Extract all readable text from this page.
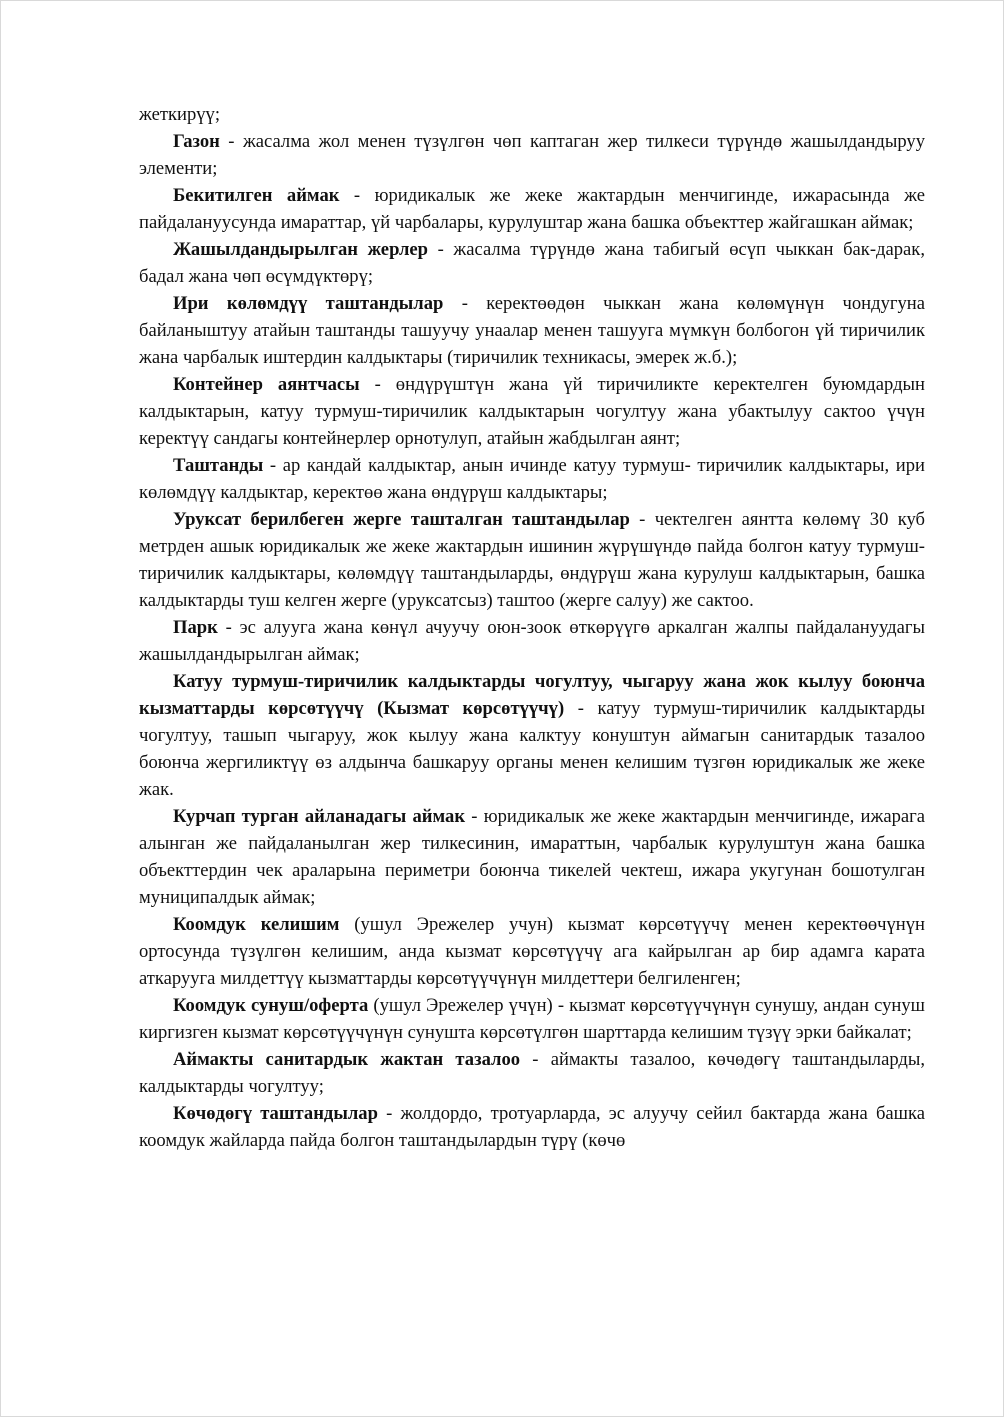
жеткирүү;

Газон - жасалма жол менен түзүлгөн чөп каптаган жер тилкеси түрүндө жашылдандыруу элементи;

Бекитилген аймак - юридикалык же жеке жактардын менчигинде, ижарасында же пайдалануусунда имараттар, үй чарбалары, курулуштар жана башка объекттер жайгашкан аймак;

Жашылдандырылган жерлер - жасалма түрүндө жана табигый өсүп чыккан бак-дарак, бадал жана чөп өсүмдүктөрү;

Ири көлөмдүү таштандылар - керектөөдөн чыккан жана көлөмүнүн чондугуна байланыштуу атайын таштанды ташуучу унаалар менен ташууга мүмкүн болбогон үй тиричилик жана чарбалык иштердин калдыктары (тиричилик техникасы, эмерек ж.б.);

Контейнер аянтчасы - өндүрүштүн жана үй тиричиликте керектелген буюмдардын калдыктарын, катуу турмуш-тиричилик калдыктарын чогултуу жана убактылуу сактоо үчүн керектүү сандагы контейнерлер орнотулуп, атайын жабдылган аянт;

Таштанды - ар кандай калдыктар, анын ичинде катуу турмуш- тиричилик калдыктары, ири көлөмдүү калдыктар, керектөө жана өндүрүш калдыктары;

Уруксат берилбеген жерге ташталган таштандылар - чектелген аянтта көлөмү 30 куб метрден ашык юридикалык же жеке жактардын ишинин жүрүшүндө пайда болгон катуу турмуш-тиричилик калдыктары, көлөмдүү таштандыларды, өндүрүш жана курулуш калдыктарын, башка калдыктарды туш келген жерге (уруксатсыз) таштоо (жерге салуу) же сактоо.

Парк - эс алууга жана көнүл ачуучу оюн-зоок өткөрүүгө аркалган жалпы пайдалануудагы жашылдандырылган аймак;

Катуу турмуш-тиричилик калдыктарды чогултуу, чыгаруу жана жок кылуу боюнча кызматтарды көрсөтүүчү (Кызмат көрсөтүүчү) ‑ катуу турмуш-тиричилик калдыктарды чогултуу, ташып чыгаруу, жок кылуу жана калктуу конуштун аймагын санитардык тазалоо боюнча жергиликтүү өз алдынча башкаруу органы менен келишим түзгөн юридикалык же жеке жак.

Курчап турган айланадагы аймак - юридикалык же жеке жактардын менчигинде, ижарага алынган же пайдаланылган жер тилкесинин, имараттын, чарбалык курулуштун жана башка объекттердин чек араларына периметри боюнча тикелей чектеш, ижара укугунан бошотулган муниципалдык аймак;

Коомдук келишим (ушул Эрежелер учун) кызмат көрсөтүүчү менен керектөөчүнүн ортосунда түзүлгөн келишим, анда кызмат көрсөтүүчү ага кайрылган ар бир адамга карата аткарууга милдеттүү кызматтарды көрсөтүүчүнүн милдеттери белгиленген;

Коомдук сунуш/оферта (ушул Эрежелер үчүн) - кызмат көрсөтүүчүнүн сунушу, андан сунуш киргизген кызмат көрсөтүүчүнүн сунушта көрсөтүлгөн шарттарда келишим түзүү эрки байкалат;

Аймакты санитардык жактан тазалоо - аймакты тазалоо, көчөдөгү таштандыларды, калдыктарды чогултуу;

Көчөдөгү таштандылар - жолдордо, тротуарларда, эс алуучу сейил бактарда жана башка коомдук жайларда пайда болгон таштандылардын түрү (көчө
